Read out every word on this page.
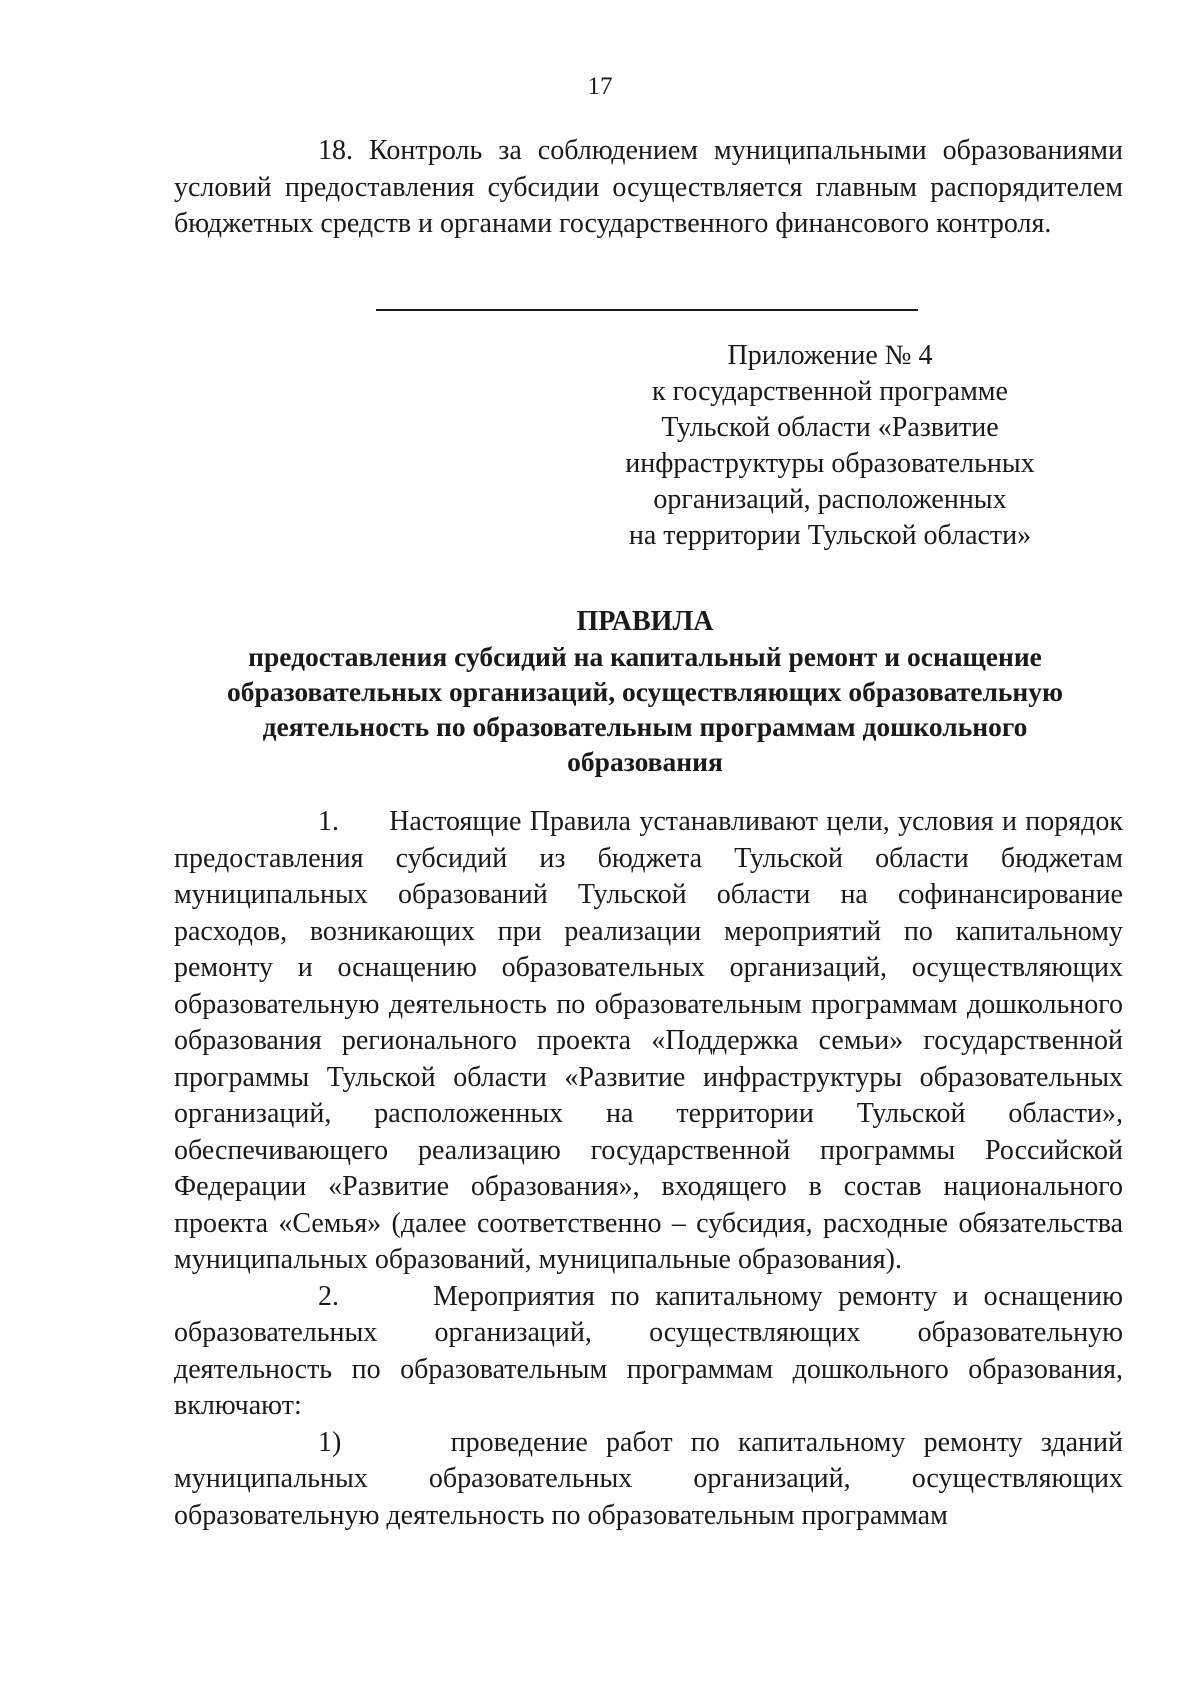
17

18. Контроль за соблюдением муниципальными образованиями условий предоставления субсидии осуществляется главным распорядителем бюджетных средств и органами государственного финансового контроля.

Приложение № 4
к государственной программе
Тульской области «Развитие
инфраструктуры образовательных
организаций, расположенных
на территории Тульской области»
ПРАВИЛА
предоставления субсидий на капитальный ремонт и оснащение
образовательных организаций, осуществляющих образовательную
деятельность по образовательным программам дошкольного
образования

1. Настоящие Правила устанавливают цели, условия и порядок предоставления субсидий из бюджета Тульской области бюджетам муниципальных образований Тульской области на софинансирование расходов, возникающих при реализации мероприятий по капитальному ремонту и оснащению образовательных организаций, осуществляющих образовательную деятельность по образовательным программам дошкольного образования регионального проекта «Поддержка семьи» государственной программы Тульской области «Развитие инфраструктуры образовательных организаций, расположенных на территории Тульской области», обеспечивающего реализацию государственной программы Российской Федерации «Развитие образования», входящего в состав национального проекта «Семья» (далее соответственно – субсидия, расходные обязательства муниципальных образований, муниципальные образования).

2.	Мероприятия по капитальному ремонту и оснащению образовательных организаций, осуществляющих образовательную деятельность по образовательным программам дошкольного образования, включают:

1)	проведение работ по капитальному ремонту зданий муниципальных образовательных организаций, осуществляющих образовательную деятельность по образовательным программам
